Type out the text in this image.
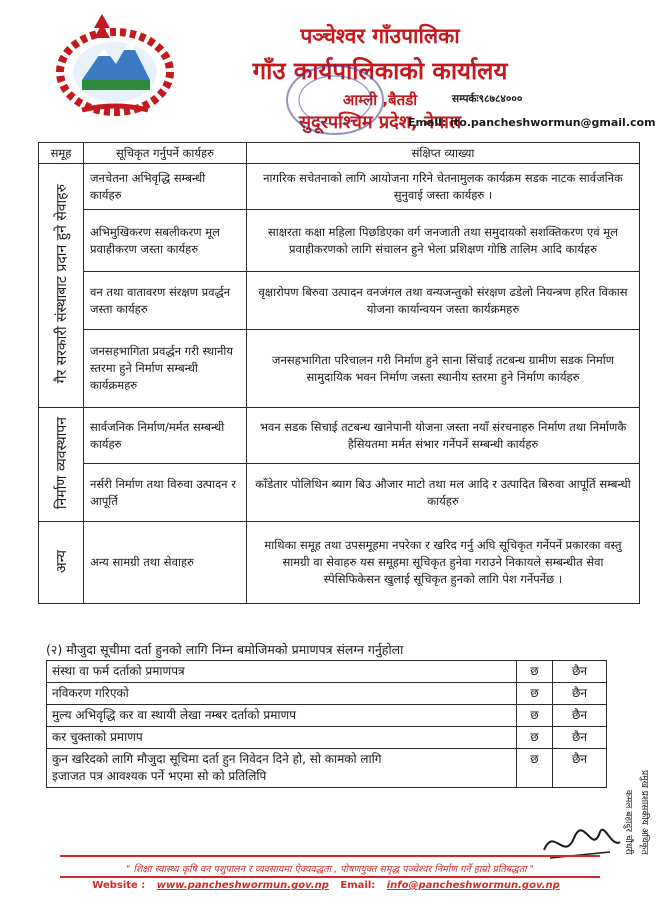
पञ्चेश्वर गाँउपालिका
गाँउ कार्यपालिकाको कार्यालय
आम्ली ,बैतडी
सुदूरपश्चिम प्रदेश, नेपाल
सम्पर्कः९८७८४०००
Email: ito.pancheshwormun@gmail.com
समूह	सूचिकृत गर्नुपर्ने कार्यहरु	संक्षिप्त व्याख्या
गैर सरकारी संस्थाबाट प्रदान हुने सेवाहरु	जनचेतना अभिवृद्धि सम्बन्धी कार्यहरु	नागरिक सचेतनाको लागि आयोजना गरिने चेतनामुलक कार्यक्रम सडक नाटक सार्वजनिक सुनुवाई जस्ता कार्यहरु ।
	अभिमुखिकरण सबलीकरण मूल प्रवाहीकरण जस्ता कार्यहरु	साक्षरता कक्षा महिला पिछडिएका वर्ग जनजाती तथा समुदायको सशक्तिकरण एवं मूल प्रवाहीकरणको लागि संचालन हुने भेला प्रशिक्षण गोष्ठि तालिम आदि कार्यहरु
	वन तथा वातावरण संरक्षण प्रवर्द्धन जस्ता कार्यहरु	वृक्षारोपण बिरुवा उत्पादन वनजंगल तथा वन्यजन्तुको संरक्षण ढडेलो नियन्त्रण हरित विकास योजना कार्यान्वयन जस्ता कार्यक्रमहरु
	जनसहभागिता प्रवर्द्धन गरी स्थानीय स्तरमा हुने निर्माण सम्बन्धी कार्यक्रमहरु	जनसहभागिता परिचालन गरी निर्माण हुने साना सिंचाई तटबन्ध ग्रामीण सडक निर्माण सामुदायिक भवन निर्माण जस्ता स्थानीय स्तरमा हुने निर्माण कार्यहरु
निर्माण व्यवस्थापन	सार्वजनिक निर्माण/मर्मत सम्बन्धी कार्यहरु	भवन सडक सिचाई तटबन्ध खानेपानी योजना जस्ता नयाँ संरचनाहरु निर्माण तथा निर्माणकै हैसियतमा मर्मत संभार गर्नेपर्ने सम्बन्धी कार्यहरु
	नर्सरी निर्माण तथा विरुवा उत्पादन र आपूर्ति	काँडेतार पोलिथिन ब्याग बिउ औजार माटो तथा मल आदि र उत्पादित बिरुवा आपूर्ति सम्बन्धी कार्यहरु
अन्य	अन्य सामग्री तथा सेवाहरु	माथिका समूह तथा उपसमूहमा नपरेका र खरिद गर्नु अघि सूचिकृत गर्नेपर्ने प्रकारका वस्तु सामग्री वा सेवाहरु यस समूहमा सूचिकृत हुनेवा गराउने निकायले सम्बन्धीत सेवा स्पेसिफिकेसन खुलाई सूचिकृत हुनको लागि पेश गर्नेपर्नेछ ।
(२) मौजुदा सूचीमा दर्ता हुनको लागि निम्न बमोजिमको प्रमाणपत्र संलग्न गर्नुहोला
संस्था वा फर्म दर्ताको प्रमाणपत्र	छ	छैन
नविकरण गरिएको	छ	छैन
मुल्य अभिवृद्धि कर वा स्थायी लेखा नम्बर दर्ताको प्रमाणप	छ	छैन
कर चुक्ताको प्रमाणप	छ	छैन

कुन खरिदको लागि मौजुदा सूचिमा दर्ता हुन निवेदन दिने हो, सो कामको लागि
इजाजत पत्र आवश्यक पर्ने भएमा सो को प्रतिलिपि	छ	छैन
कमल बहादुर चौधरी प्रमुख प्रशासकीय अधिकृत
" शिक्षा स्वास्थ्य कृषि वन पशुपालन र व्यवसायमा ऐक्यवद्धता , पोषणयुक्त समृद्ध पञ्चेश्वर निर्माण गर्ने हाम्रो प्रतिबद्धता "
Website : www.pancheshwormun.gov.np Email: info@pancheshwormun.gov.np
